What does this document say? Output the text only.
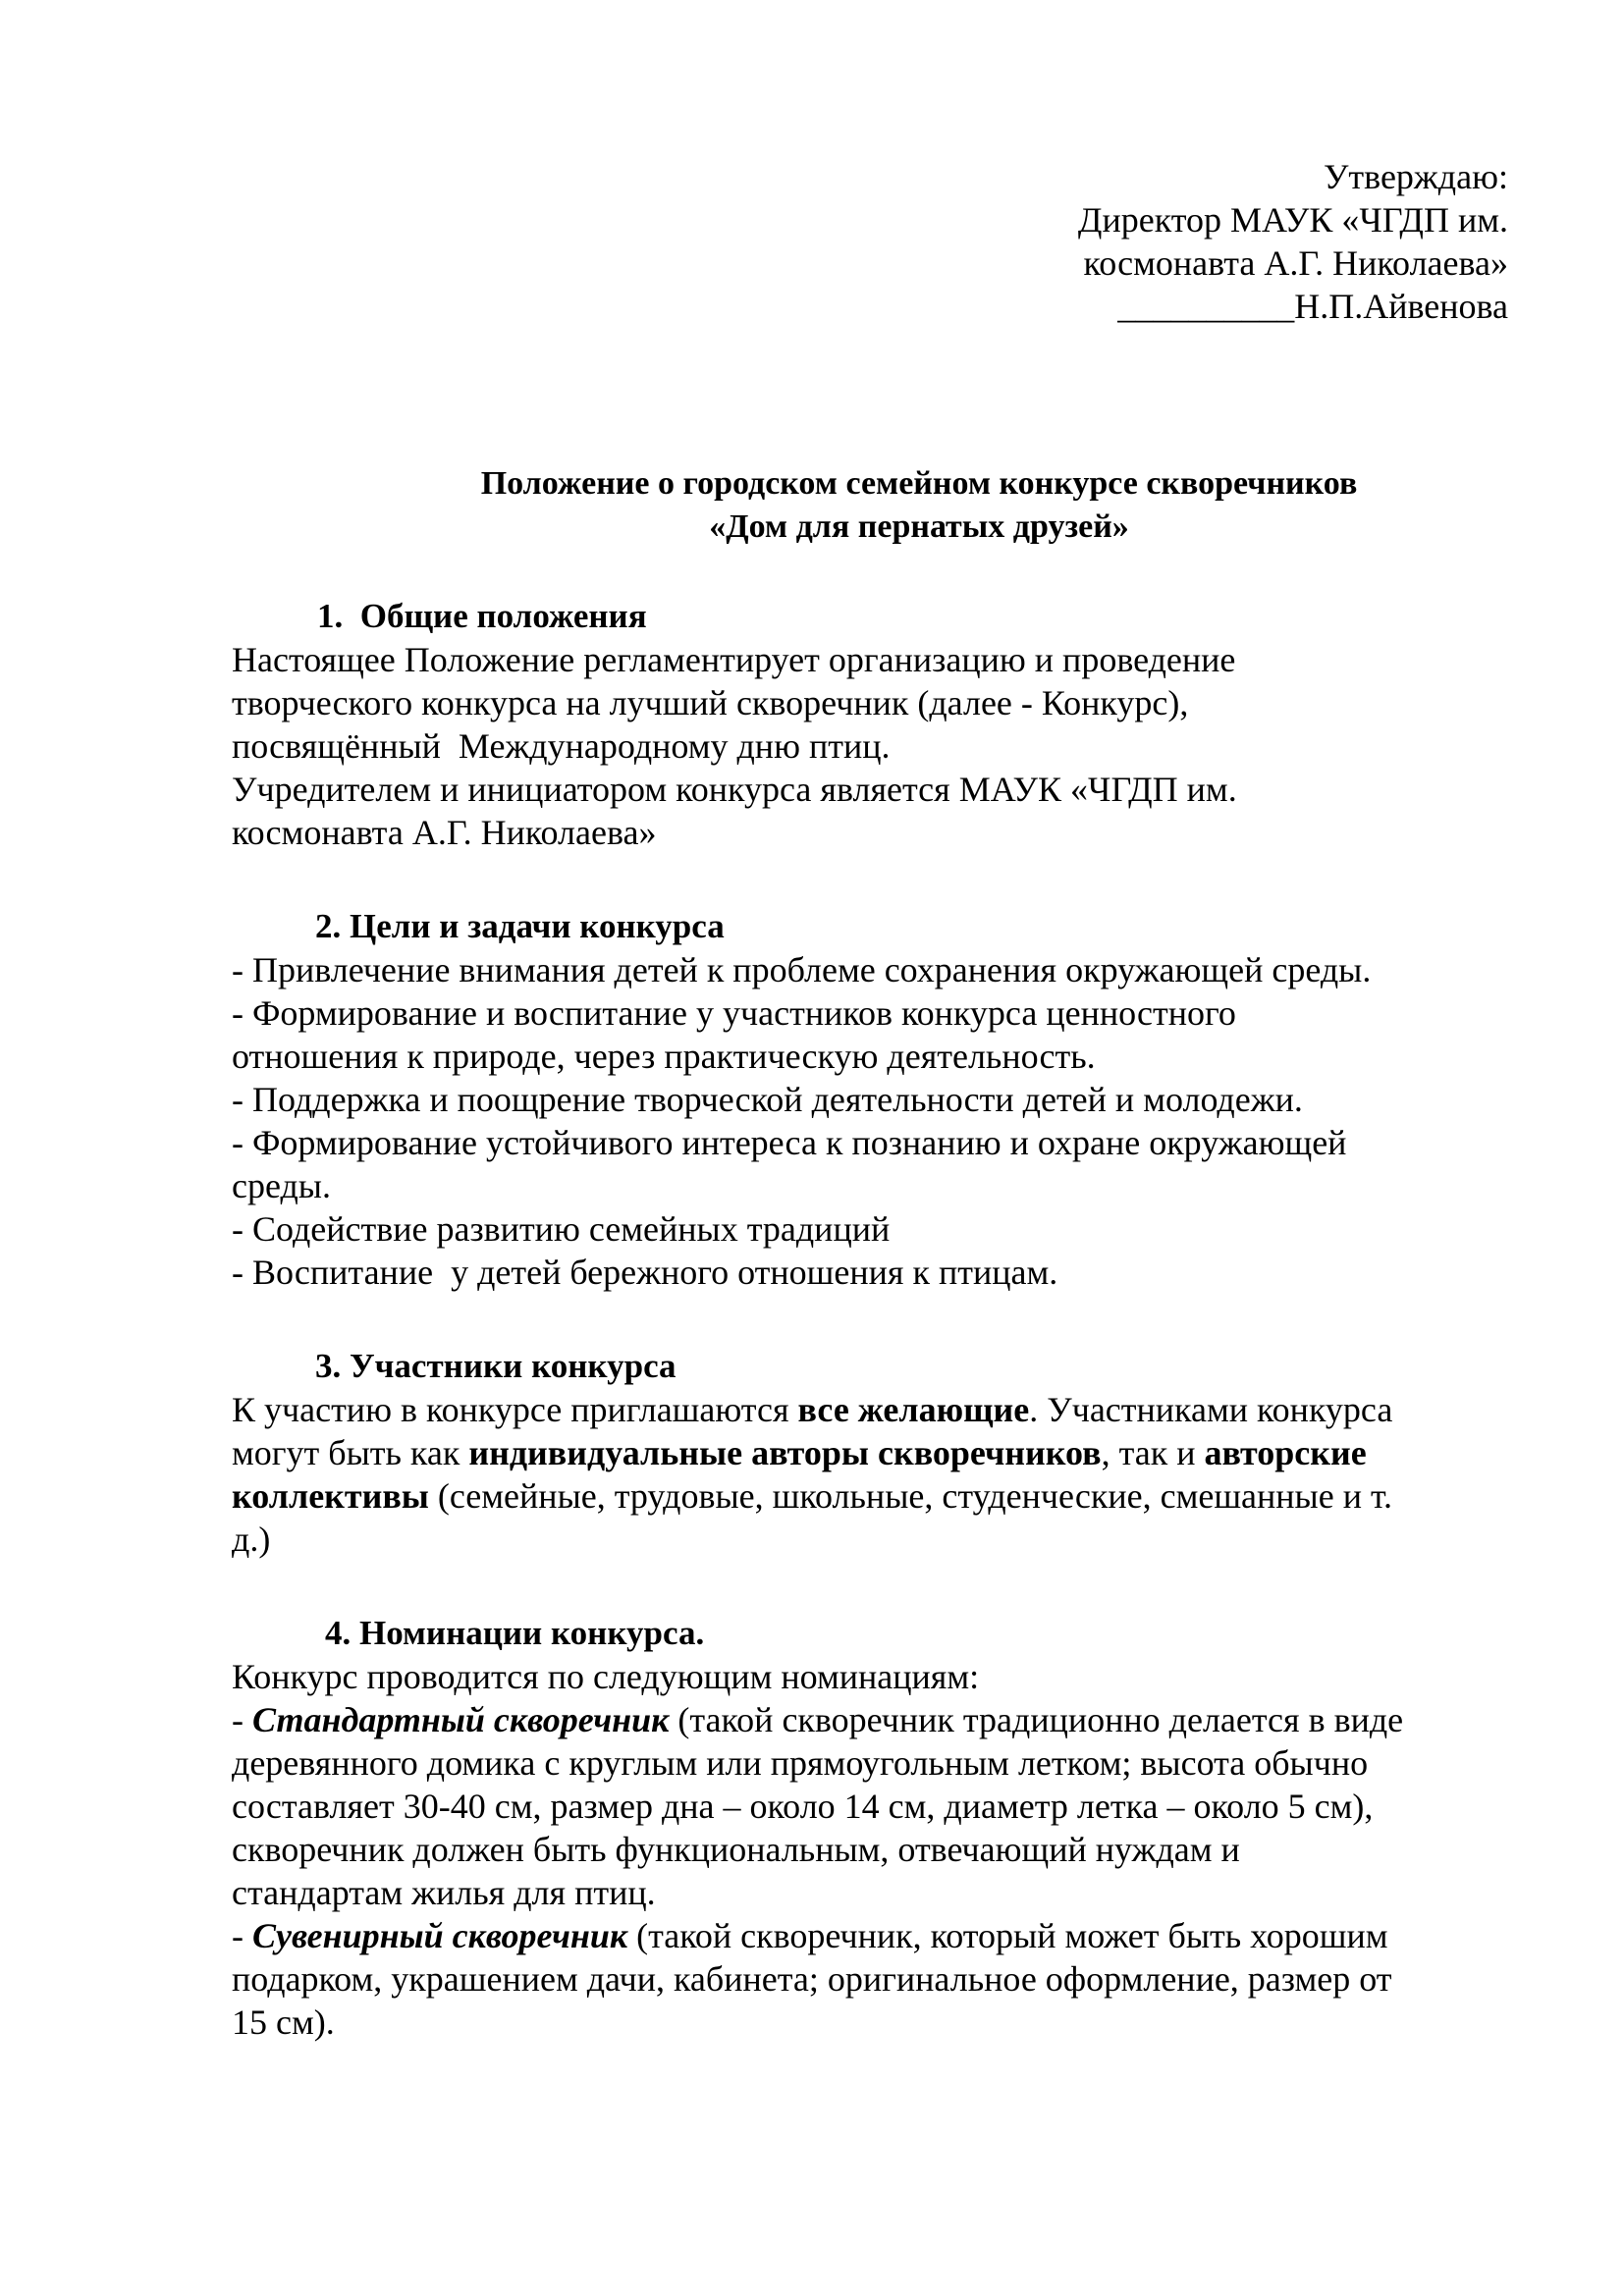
Утверждаю:
Директор МАУК «ЧГДП им.
космонавта А.Г. Николаева»
__________Н.П.Айвенова
Положение о городском семейном конкурсе скворечников
«Дом для пернатых друзей»
1.  Общие положения
Настоящее Положение регламентирует организацию и проведение
творческого конкурса на лучший скворечник (далее - Конкурс),
посвящённый  Международному дню птиц.
Учредителем и инициатором конкурса является МАУК «ЧГДП им.
космонавта А.Г. Николаева»
2. Цели и задачи конкурса
- Привлечение внимания детей к проблеме сохранения окружающей среды.
- Формирование и воспитание у участников конкурса ценностного
отношения к природе, через практическую деятельность.
- Поддержка и поощрение творческой деятельности детей и молодежи.
- Формирование устойчивого интереса к познанию и охране окружающей
среды.
- Содействие развитию семейных традиций
- Воспитание  у детей бережного отношения к птицам.
3. Участники конкурса
К участию в конкурсе приглашаются все желающие. Участниками конкурса
могут быть как индивидуальные авторы скворечников, так и авторские
коллективы (семейные, трудовые, школьные, студенческие, смешанные и т.
д.)
4. Номинации конкурса.
Конкурс проводится по следующим номинациям:
- Стандартный скворечник (такой скворечник традиционно делается в виде
деревянного домика с круглым или прямоугольным летком; высота обычно
составляет 30-40 см, размер дна – около 14 см, диаметр летка – около 5 см),
скворечник должен быть функциональным, отвечающий нуждам и
стандартам жилья для птиц.
- Сувенирный скворечник (такой скворечник, который может быть хорошим
подарком, украшением дачи, кабинета; оригинальное оформление, размер от
15 см).
